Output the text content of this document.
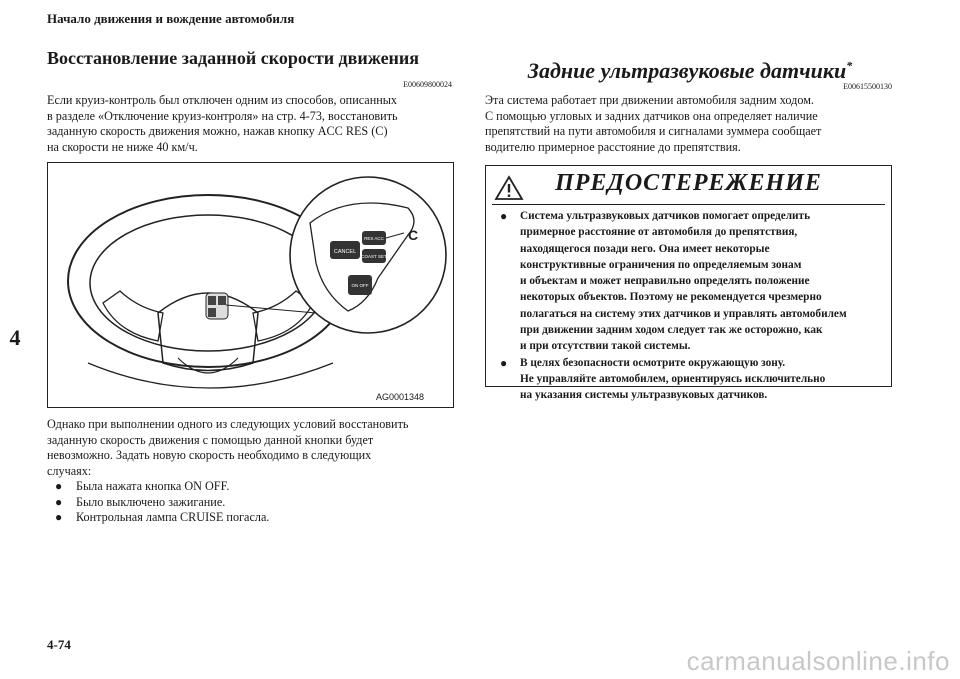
Начало движения и вождение автомобиля
4
4-74
carmanualsonline.info
Восстановление заданной скорости движения
E00609800024
Если круиз-контроль был отключен одним из способов, описанных
в разделе «Отключение круиз-контроля» на стр. 4-73, восстановить
заданную скорость движения можно, нажав кнопку ACC RES (C)
на скорости не ниже 40 км/ч.
CANCEL
RES ACC
COAST SET
ON OFF
C
AG0001348
Однако при выполнении одного из следующих условий восстановить
заданную скорость движения с помощью данной кнопки будет
невозможно. Задать новую скорость необходимо в следующих
случаях:
● Была нажата кнопка ON OFF.
● Было выключено зажигание.
● Контрольная лампа CRUISE погасла.
Задние ультразвуковые датчики*
E00615500130
Эта система работает при движении автомобиля задним ходом.
С помощью угловых и задних датчиков она определяет наличие
препятствий на пути автомобиля и сигналами зуммера сообщает
водителю примерное расстояние до препятствия.
ПРЕДОСТЕРЕЖЕНИЕ
● Система ультразвуковых датчиков помогает определить
примерное расстояние от автомобиля до препятствия,
находящегося позади него. Она имеет некоторые
конструктивные ограничения по определяемым зонам
и объектам и может неправильно определять положение
некоторых объектов. Поэтому не рекомендуется чрезмерно
полагаться на систему этих датчиков и управлять автомобилем
при движении задним ходом следует так же осторожно, как
и при отсутствии такой системы.
● В целях безопасности осмотрите окружающую зону.
Не управляйте автомобилем, ориентируясь исключительно
на указания системы ультразвуковых датчиков.
